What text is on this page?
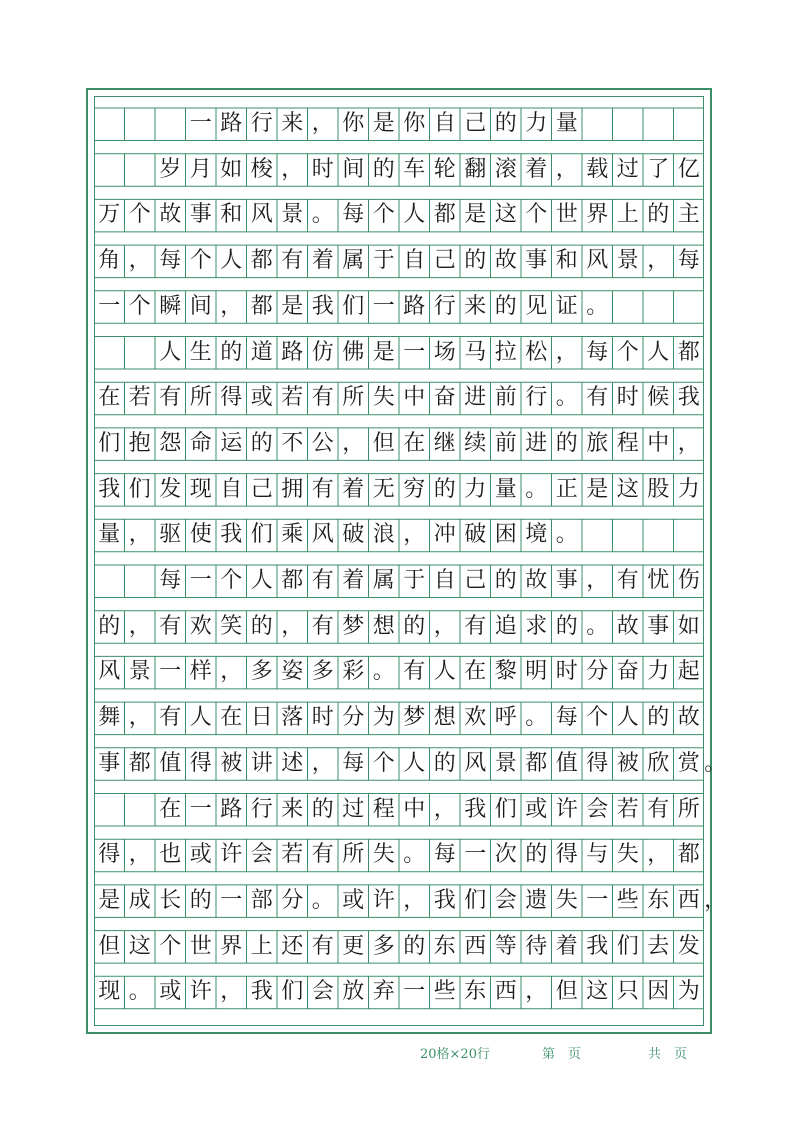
一 路 行 来 ， 你 是 你 自 己 的 力 量
岁 月 如 梭 ， 时 间 的 车 轮 翻 滚 着 ， 载 过 了 亿
万 个 故 事 和 风 景 。 每 个 人 都 是 这 个 世 界 上 的 主
角 ， 每 个 人 都 有 着 属 于 自 己 的 故 事 和 风 景 ， 每
一 个 瞬 间 ， 都 是 我 们 一 路 行 来 的 见 证 。
人 生 的 道 路 仿 佛 是 一 场 马 拉 松 ， 每 个 人 都
在 若 有 所 得 或 若 有 所 失 中 奋 进 前 行 。 有 时 候 我
们 抱 怨 命 运 的 不 公 ， 但 在 继 续 前 进 的 旅 程 中 ，
我 们 发 现 自 己 拥 有 着 无 穷 的 力 量 。 正 是 这 股 力
量 ， 驱 使 我 们 乘 风 破 浪 ， 冲 破 困 境 。
每 一 个 人 都 有 着 属 于 自 己 的 故 事 ， 有 忧 伤
的 ， 有 欢 笑 的 ， 有 梦 想 的 ， 有 追 求 的 。 故 事 如
风 景 一 样 ， 多 姿 多 彩 。 有 人 在 黎 明 时 分 奋 力 起
舞 ， 有 人 在 日 落 时 分 为 梦 想 欢 呼 。 每 个 人 的 故
事 都 值 得 被 讲 述 ， 每 个 人 的 风 景 都 值 得 被 欣 赏 。
在 一 路 行 来 的 过 程 中 ， 我 们 或 许 会 若 有 所
得 ， 也 或 许 会 若 有 所 失 。 每 一 次 的 得 与 失 ， 都
是 成 长 的 一 部 分 。 或 许 ， 我 们 会 遗 失 一 些 东 西 ，
但 这 个 世 界 上 还 有 更 多 的 东 西 等 待 着 我 们 去 发
现 。 或 许 ， 我 们 会 放 弃 一 些 东 西 ， 但 这 只 因 为
20格×20行	第　页	共　页
